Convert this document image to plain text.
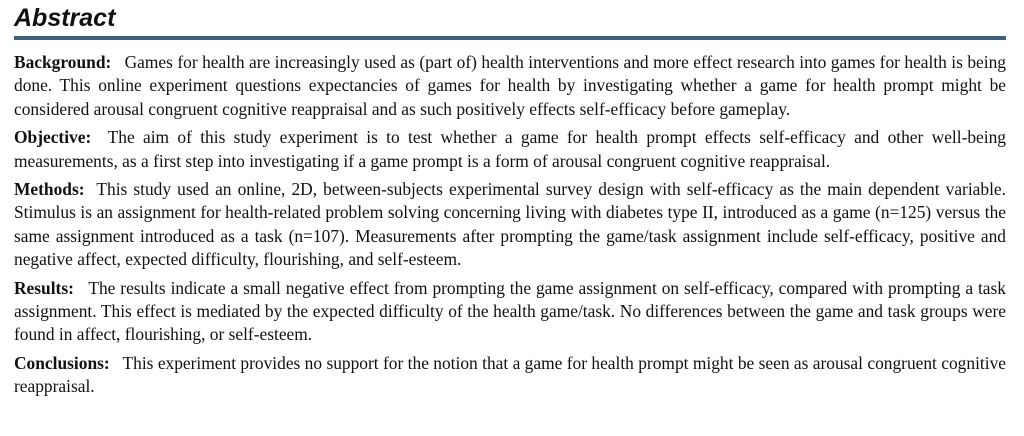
Abstract

Background: Games for health are increasingly used as (part of) health interventions and more effect research into games for health is being done. This online experiment questions expectancies of games for health by investigating whether a game for health prompt might be considered arousal congruent cognitive reappraisal and as such positively effects self-efficacy before gameplay.

Objective: The aim of this study experiment is to test whether a game for health prompt effects self-efficacy and other well-being measurements, as a first step into investigating if a game prompt is a form of arousal congruent cognitive reappraisal.

Methods: This study used an online, 2D, between-subjects experimental survey design with self-efficacy as the main dependent variable. Stimulus is an assignment for health-related problem solving concerning living with diabetes type II, introduced as a game (n=125) versus the same assignment introduced as a task (n=107). Measurements after prompting the game/task assignment include self-efficacy, positive and negative affect, expected difficulty, flourishing, and self-esteem.

Results: The results indicate a small negative effect from prompting the game assignment on self-efficacy, compared with prompting a task assignment. This effect is mediated by the expected difficulty of the health game/task. No differences between the game and task groups were found in affect, flourishing, or self-esteem.

Conclusions: This experiment provides no support for the notion that a game for health prompt might be seen as arousal congruent cognitive reappraisal.
